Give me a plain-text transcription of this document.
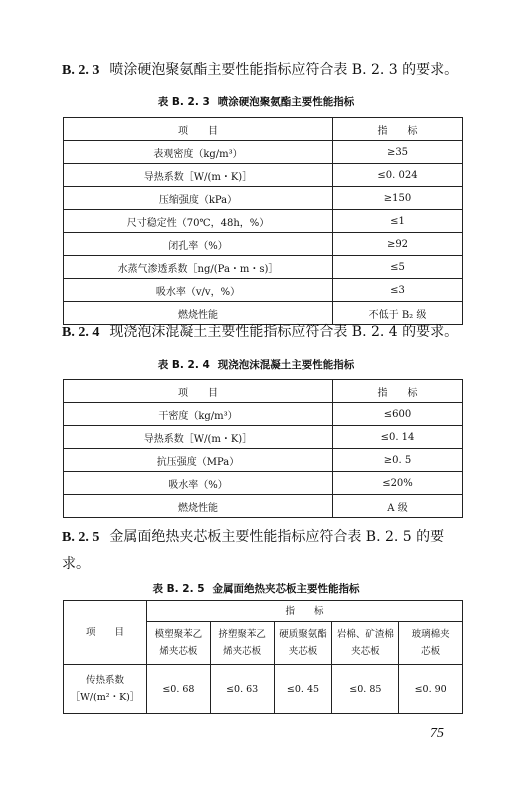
B. 2. 3 喷涂硬泡聚氨酯主要性能指标应符合表 B. 2. 3 的要求。
表 B. 2. 3 喷涂硬泡聚氨酯主要性能指标
项　　目	指　　标
表观密度（kg/m³）	≥35
导热系数［W/(m・K)］	≤0. 024
压缩强度（kPa）	≥150
尺寸稳定性（70℃，48h，%）	≤1
闭孔率（%）	≥92
水蒸气渗透系数［ng/(Pa・m・s)］	≤5
吸水率（v/v，%）	≤3
燃烧性能	不低于 B₂ 级
B. 2. 4 现浇泡沫混凝土主要性能指标应符合表 B. 2. 4 的要求。
表 B. 2. 4 现浇泡沫混凝土主要性能指标
项　　目	指　　标
干密度（kg/m³）	≤600
导热系数［W/(m・K)］	≤0. 14
抗压强度（MPa）	≥0. 5
吸水率（%）	≤20%
燃烧性能	A 级
B. 2. 5 金属面绝热夹芯板主要性能指标应符合表 B. 2. 5 的要求。
表 B. 2. 5 金属面绝热夹芯板主要性能指标
项　　目	指　　标				
	模塑聚苯乙烯夹芯板	挤塑聚苯乙烯夹芯板	硬质聚氨酯夹芯板	岩棉、矿渣棉夹芯板	玻璃棉夹芯板
传热系数［W/(m²・K)］	≤0. 68	≤0. 63	≤0. 45	≤0. 85	≤0. 90
75
